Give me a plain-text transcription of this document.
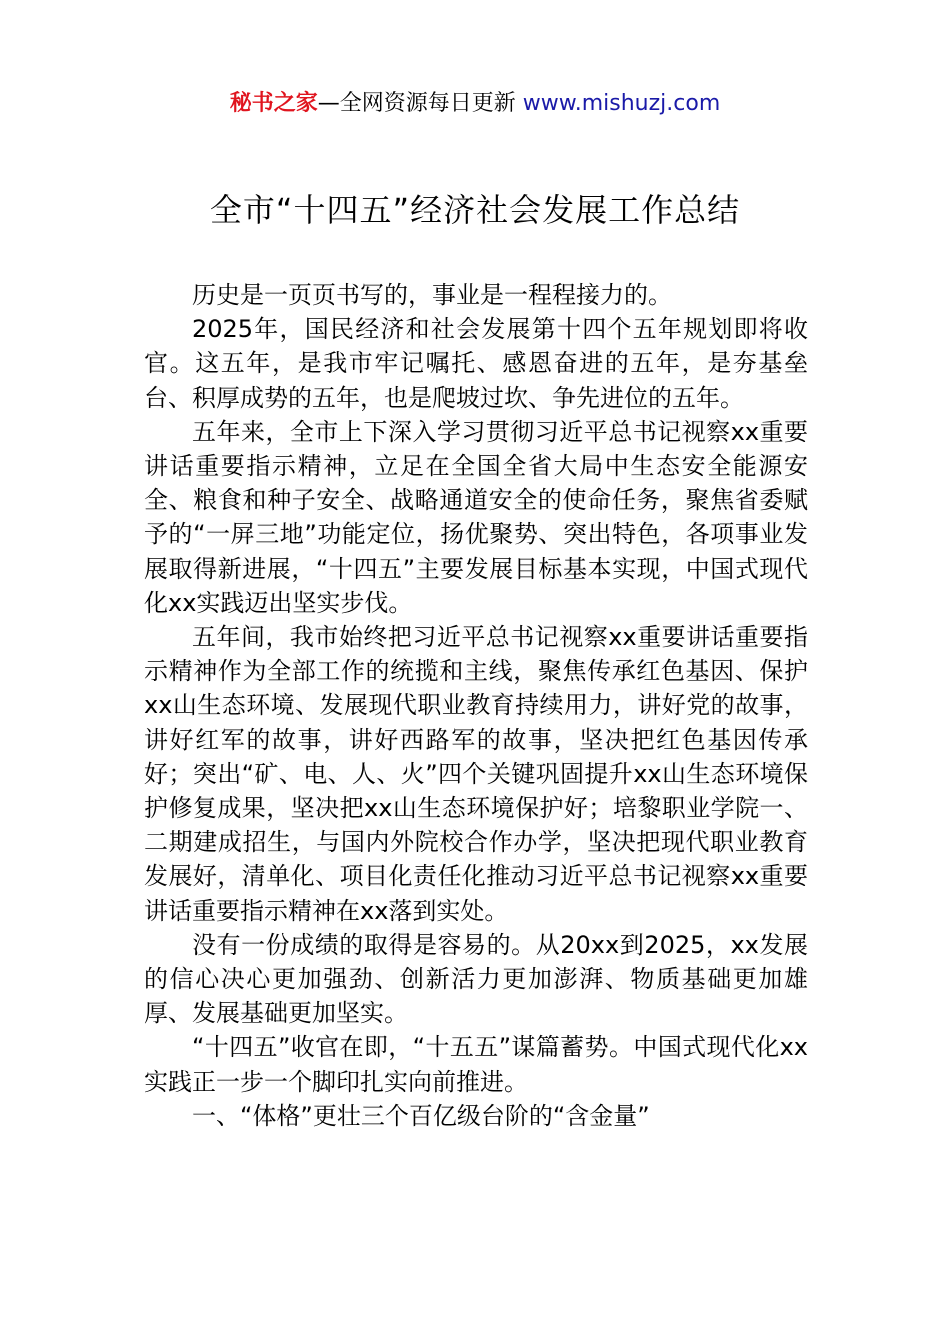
秘书之家—全网资源每日更新 www.mishuzj.com
全市“十四五”经济社会发展工作总结

历史是一页页书写的，事业是一程程接力的。

2025年，国民经济和社会发展第十四个五年规划即将收官。这五年，是我市牢记嘱托、感恩奋进的五年，是夯基垒台、积厚成势的五年，也是爬坡过坎、争先进位的五年。

五年来，全市上下深入学习贯彻习近平总书记视察xx重要讲话重要指示精神，立足在全国全省大局中生态安全能源安全、粮食和种子安全、战略通道安全的使命任务，聚焦省委赋予的“一屏三地”功能定位，扬优聚势、突出特色，各项事业发展取得新进展，“十四五”主要发展目标基本实现，中国式现代化xx实践迈出坚实步伐。

五年间，我市始终把习近平总书记视察xx重要讲话重要指示精神作为全部工作的统揽和主线，聚焦传承红色基因、保护xx山生态环境、发展现代职业教育持续用力，讲好党的故事，讲好红军的故事，讲好西路军的故事，坚决把红色基因传承好；突出“矿、电、人、火”四个关键巩固提升xx山生态环境保护修复成果，坚决把xx山生态环境保护好；培黎职业学院一、二期建成招生，与国内外院校合作办学，坚决把现代职业教育发展好，清单化、项目化责任化推动习近平总书记视察xx重要讲话重要指示精神在xx落到实处。

没有一份成绩的取得是容易的。从20xx到2025，xx发展的信心决心更加强劲、创新活力更加澎湃、物质基础更加雄厚、发展基础更加坚实。

“十四五”收官在即，“十五五”谋篇蓄势。中国式现代化xx实践正一步一个脚印扎实向前推进。

一、“体格”更壮三个百亿级台阶的“含金量”
